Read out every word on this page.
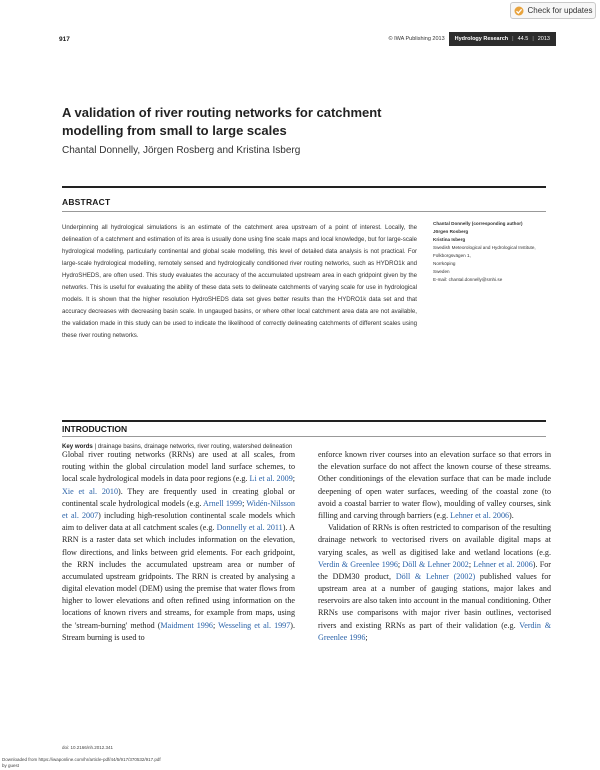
917	© IWA Publishing 2013	Hydrology Research | 44.5 | 2013
Check for updates
A validation of river routing networks for catchment
modelling from small to large scales
Chantal Donnelly, Jörgen Rosberg and Kristina Isberg
ABSTRACT
Underpinning all hydrological simulations is an estimate of the catchment area upstream of a point of interest. Locally, the delineation of a catchment and estimation of its area is usually done using fine scale maps and local knowledge, but for large-scale hydrological modelling, particularly continental and global scale modelling, this level of detailed data analysis is not practical. For large-scale hydrological modelling, remotely sensed and hydrologically conditioned river routing networks, such as HYDRO1k and HydroSHEDS, are often used. This study evaluates the accuracy of the accumulated upstream area in each gridpoint given by the networks. This is useful for evaluating the ability of these data sets to delineate catchments of varying scale for use in hydrological models. It is shown that the higher resolution HydroSHEDS data set gives better results than the HYDRO1k data set and that accuracy decreases with decreasing basin scale. In ungauged basins, or where other local catchment area data are not available, the validation made in this study can be used to indicate the likelihood of correctly delineating catchments of different scales using these river routing networks.
Key words | drainage basins, drainage networks, river routing, watershed delineation
Chantal Donnelly (corresponding author)
Jörgen Rosberg
Kristina Isberg
Swedish Meteorological and Hydrological Institute,
Folkborgsvägen 1,
Norrköping
Sweden
E-mail: chantal.donnelly@smhi.se
INTRODUCTION

Global river routing networks (RRNs) are used at all scales, from routing within the global circulation model land surface schemes, to local scale hydrological models in data poor regions (e.g. Li et al. 2009; Xie et al. 2010). They are frequently used in creating global or continental scale hydrological models (e.g. Arnell 1999; Widén-Nilsson et al. 2007) including high-resolution continental scale models which aim to deliver data at all catchment scales (e.g. Donnelly et al. 2011). A RRN is a raster data set which includes information on the elevation, flow directions, and links between grid elements. For each gridpoint, the RRN includes the accumulated upstream area or number of accumulated upstream gridpoints. The RRN is created by analysing a digital elevation model (DEM) using the premise that water flows from higher to lower elevations and often refined using information on the locations of known rivers and streams, for example from maps, using the 'stream-burning' method (Maidment 1996; Wesseling et al. 1997). Stream burning is used to

enforce known river courses into an elevation surface so that errors in the elevation surface do not affect the known course of these streams. Other conditionings of the elevation surface that can be made include deepening of open water surfaces, weeding of the coastal zone (to avoid a coastal barrier to water flow), moulding of valley courses, sink filling and carving through barriers (e.g. Lehner et al. 2006).

Validation of RRNs is often restricted to comparison of the resulting drainage network to vectorised rivers on available digital maps at varying scales, as well as digitised lake and wetland locations (e.g. Verdin & Greenlee 1996; Döll & Lehner 2002; Lehner et al. 2006). For the DDM30 product, Döll & Lehner (2002) published values for upstream area at a number of gauging stations, major lakes and reservoirs are also taken into account in the manual conditioning. Other RRNs use comparisons with major river basin outlines, vectorised rivers and existing RRNs as part of their validation (e.g. Verdin & Greenlee 1996;

doi: 10.2166/nh.2012.341
Downloaded from https://iwaponline.com/hr/article-pdf/44/5/917/370532/917.pdf
by guest
